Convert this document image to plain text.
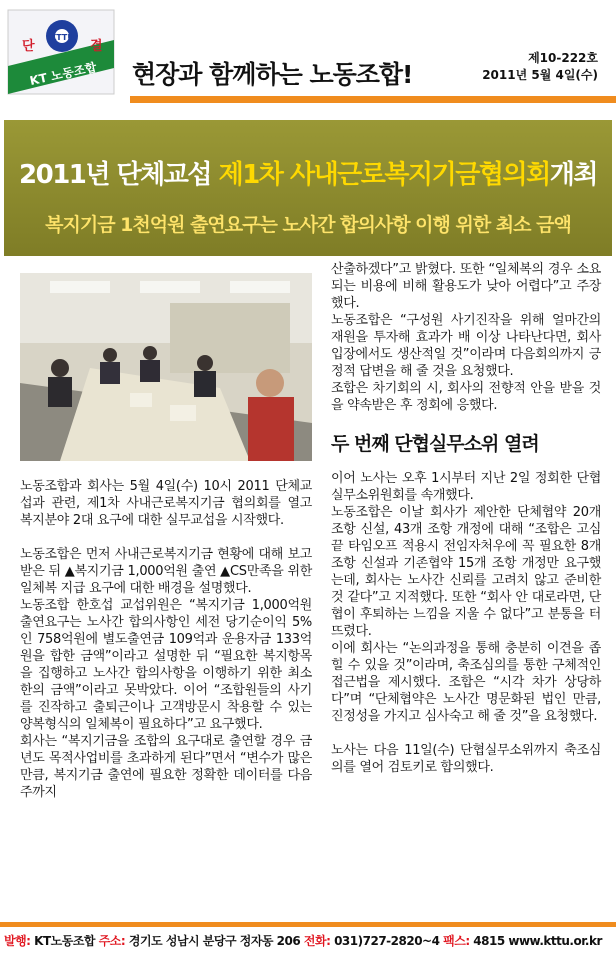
KTTU
단	결
KT 노동조합 현장과 함께하는 노동조합!
제10-222호
2011년 5월 4일(수)
2011년 단체교섭 제1차 사내근로복지기금협의회개최
복지기금 1천억원 출연요구는 노사간 합의사항 이행 위한 최소 금액

노동조합과 회사는 5월 4일(수) 10시 2011 단체교섭과 관련, 제1차 사내근로복지기금 협의회를 열고 복지분야 2대 요구에 대한 실무교섭을 시작했다.

노동조합은 먼저 사내근로복지기금 현황에 대해 보고받은 뒤 ▲복지기금 1,000억원 출연 ▲CS만족을 위한 일체복 지급 요구에 대한 배경을 설명했다.

노동조합 한호섭 교섭위원은 “복지기금 1,000억원 출연요구는 노사간 합의사항인 세전 당기순이익 5%인 758억원에 별도출연금 109억과 운용자금 133억원을 합한 금액”이라고 설명한 뒤 “필요한 복지항목을 집행하고 노사간 합의사항을 이행하기 위한 최소한의 금액”이라고 못박았다. 이어 “조합원들의 사기를 진작하고 출퇴근이나 고객방문시 착용할 수 있는 양복형식의 일체복이 필요하다”고 요구했다.

회사는 “복지기금을 조합의 요구대로 출연할 경우 금년도 목적사업비를 초과하게 된다”면서 “변수가 많은 만큼, 복지기금 출연에 필요한 정확한 데이터를 다음주까지

산출하겠다”고 밝혔다. 또한 “일체복의 경우 소요되는 비용에 비해 활용도가 낮아 어렵다”고 주장했다.

노동조합은 “구성원 사기진작을 위해 얼마간의 재원을 투자해 효과가 배 이상 나타난다면, 회사 입장에서도 생산적일 것”이라며 다음회의까지 긍정적 답변을 해 줄 것을 요청했다.

조합은 차기회의 시, 회사의 전향적 안을 받을 것을 약속받은 후 정회에 응했다.

두 번째 단협실무소위 열려

이어 노사는 오후 1시부터 지난 2일 정회한 단협실무소위원회를 속개했다.

노동조합은 이날 회사가 제안한 단체협약 20개 조항 신설, 43개 조항 개정에 대해 “조합은 고심끝 타임오프 적용시 전임자처우에 꼭 필요한 8개 조항 신설과 기존협약 15개 조항 개정만 요구했는데, 회사는 노사간 신뢰를 고려치 않고 준비한 것 같다”고 지적했다. 또한 “회사 안 대로라면, 단협이 후퇴하는 느낌을 지울 수 없다”고 분통을 터뜨렸다.

이에 회사는 “논의과정을 통해 충분히 이견을 좁힐 수 있을 것”이라며, 축조심의를 통한 구체적인 접근법을 제시했다. 조합은 “시각 차가 상당하다”며 “단체협약은 노사간 명문화된 법인 만큼, 진정성을 가지고 심사숙고 해 줄 것”을 요청했다.

노사는 다음 11일(수) 단협실무소위까지 축조심의를 열어 검토키로 합의했다.

발행: KT노동조합 주소: 경기도 성남시 분당구 정자동 206 전화: 031)727-2820~4 팩스: 4815 www.kttu.or.kr
